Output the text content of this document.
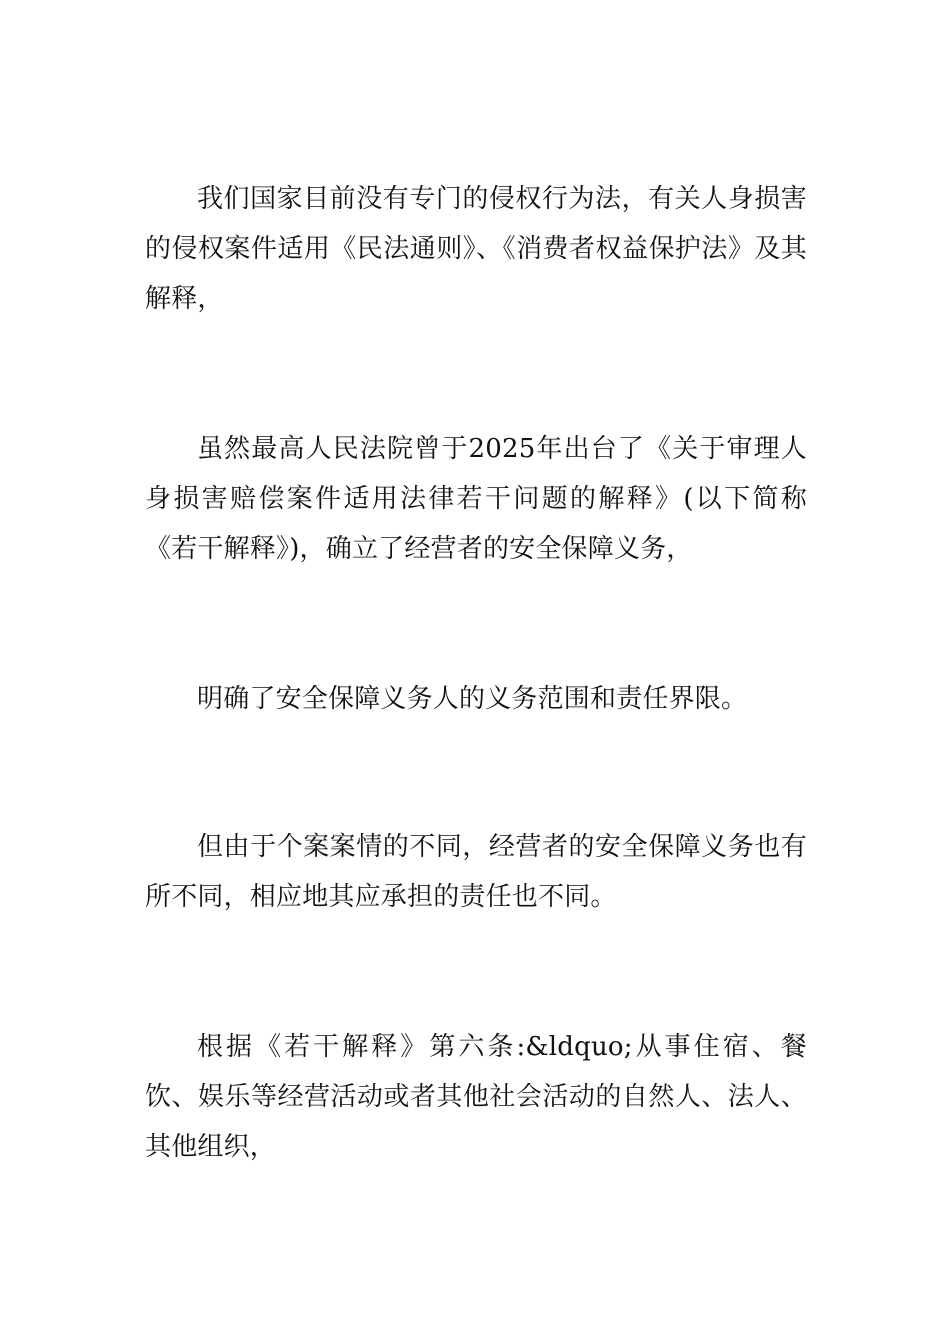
我们国家目前没有专门的侵权行为法，有关人身损害的侵权案件适用《民法通则》、《消费者权益保护法》及其解释，

虽然最高人民法院曾于2025年出台了《关于审理人身损害赔偿案件适用法律若干问题的解释》(以下简称《若干解释》)，确立了经营者的安全保障义务，

明确了安全保障义务人的义务范围和责任界限。

但由于个案案情的不同，经营者的安全保障义务也有所不同，相应地其应承担的责任也不同。

根据《若干解释》第六条:&ldquo;从事住宿、餐饮、娱乐等经营活动或者其他社会活动的自然人、法人、其他组织，
